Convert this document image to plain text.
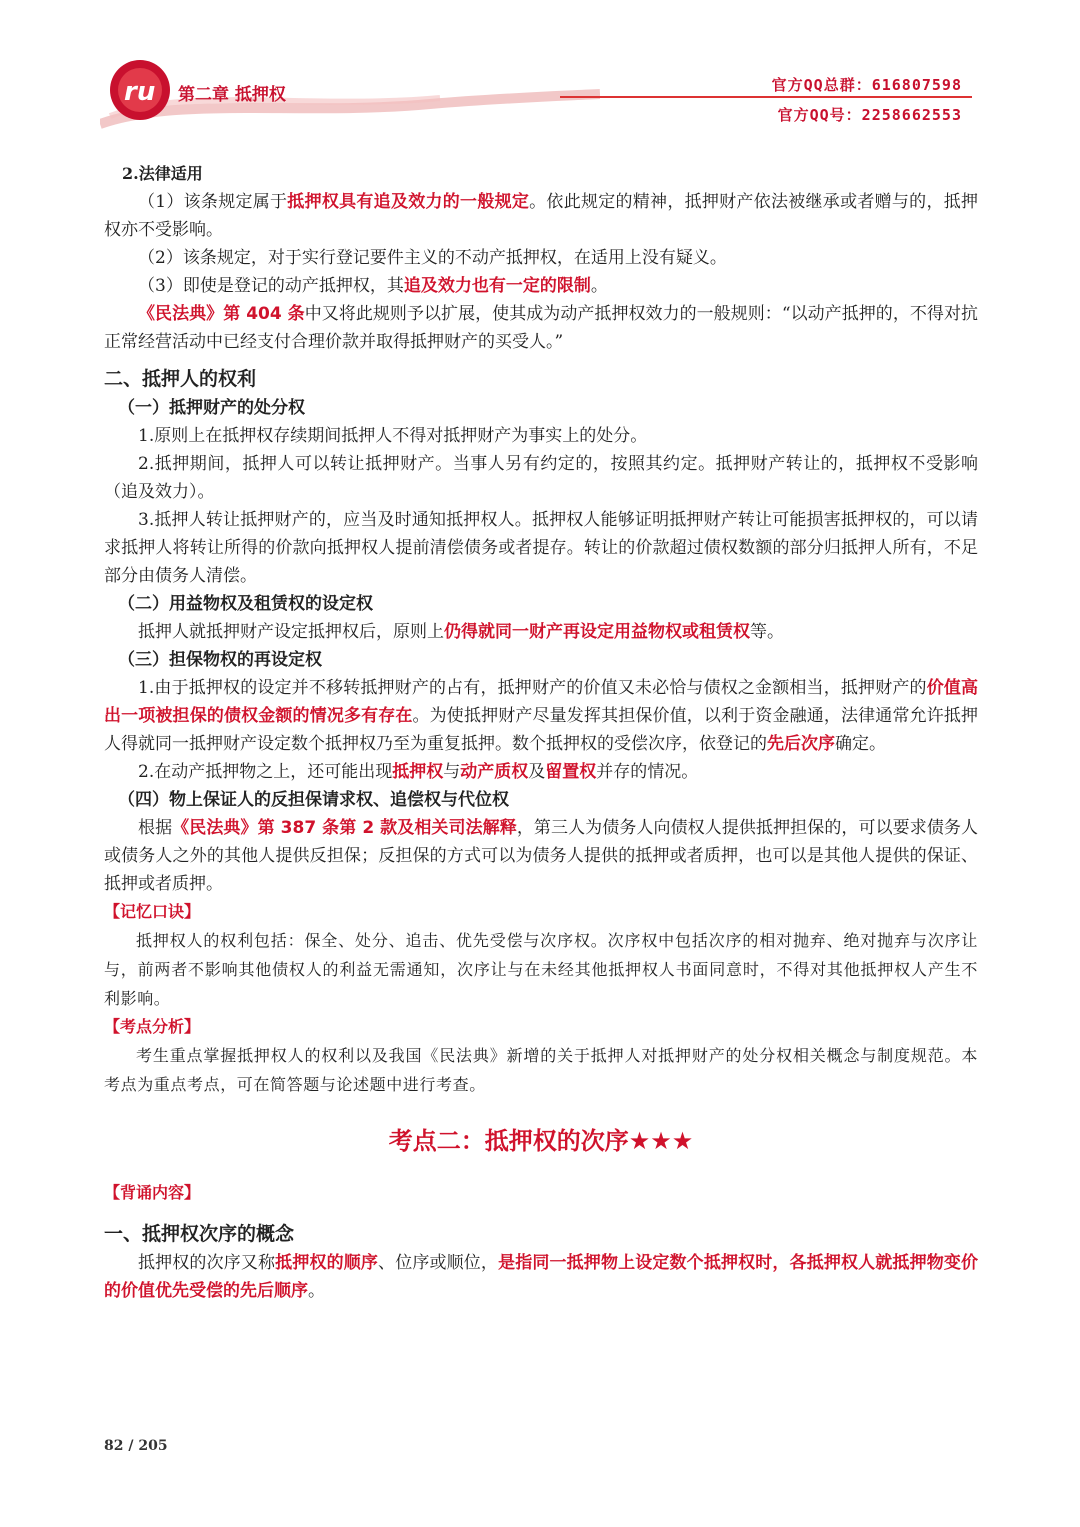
ru 第二章 抵押权	官方QQ总群：616807598
官方QQ号：2258662553
2.法律适用

（1）该条规定属于抵押权具有追及效力的一般规定。依此规定的精神，抵押财产依法被继承或者赠与的，抵押权亦不受影响。

（2）该条规定，对于实行登记要件主义的不动产抵押权，在适用上没有疑义。

（3）即使是登记的动产抵押权，其追及效力也有一定的限制。

《民法典》第 404 条中又将此规则予以扩展，使其成为动产抵押权效力的一般规则：“以动产抵押的，不得对抗正常经营活动中已经支付合理价款并取得抵押财产的买受人。”

二、抵押人的权利
（一）抵押财产的处分权

1.原则上在抵押权存续期间抵押人不得对抵押财产为事实上的处分。

2.抵押期间，抵押人可以转让抵押财产。当事人另有约定的，按照其约定。抵押财产转让的，抵押权不受影响（追及效力）。

3.抵押人转让抵押财产的，应当及时通知抵押权人。抵押权人能够证明抵押财产转让可能损害抵押权的，可以请求抵押人将转让所得的价款向抵押权人提前清偿债务或者提存。转让的价款超过债权数额的部分归抵押人所有，不足部分由债务人清偿。

（二）用益物权及租赁权的设定权

抵押人就抵押财产设定抵押权后，原则上仍得就同一财产再设定用益物权或租赁权等。

（三）担保物权的再设定权

1.由于抵押权的设定并不移转抵押财产的占有，抵押财产的价值又未必恰与债权之金额相当，抵押财产的价值高出一项被担保的债权金额的情况多有存在。为使抵押财产尽量发挥其担保价值，以利于资金融通，法律通常允许抵押人得就同一抵押财产设定数个抵押权乃至为重复抵押。数个抵押权的受偿次序，依登记的先后次序确定。

2.在动产抵押物之上，还可能出现抵押权与动产质权及留置权并存的情况。

（四）物上保证人的反担保请求权、追偿权与代位权

根据《民法典》第 387 条第 2 款及相关司法解释，第三人为债务人向债权人提供抵押担保的，可以要求债务人或债务人之外的其他人提供反担保；反担保的方式可以为债务人提供的抵押或者质押，也可以是其他人提供的保证、抵押或者质押。

【记忆口诀】

抵押权人的权利包括：保全、处分、追击、优先受偿与次序权。次序权中包括次序的相对抛弃、绝对抛弃与次序让与，前两者不影响其他债权人的利益无需通知，次序让与在未经其他抵押权人书面同意时，不得对其他抵押权人产生不利影响。

【考点分析】

考生重点掌握抵押权人的权利以及我国《民法典》新增的关于抵押人对抵押财产的处分权相关概念与制度规范。本考点为重点考点，可在简答题与论述题中进行考查。

考点二：抵押权的次序★★★
【背诵内容】
一、抵押权次序的概念

抵押权的次序又称抵押权的顺序、位序或顺位，是指同一抵押物上设定数个抵押权时，各抵押权人就抵押物变价的价值优先受偿的先后顺序。

82 / 205
